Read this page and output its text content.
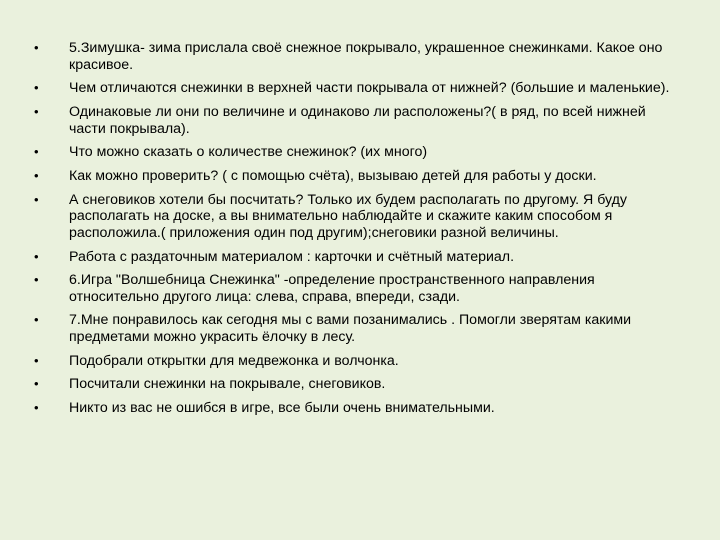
• 5.Зимушка- зима прислала своё снежное покрывало, украшенное снежинками. Какое оно красивое.
• Чем отличаются снежинки в верхней части покрывала от нижней? (большие и маленькие).
• Одинаковые ли они по величине и одинаково ли расположены?( в ряд, по всей нижней части покрывала).
• Что можно сказать о количестве снежинок? (их много)
• Как можно проверить? ( с помощью счёта), вызываю детей для работы у доски.
• А снеговиков хотели бы посчитать? Только их будем располагать по другому. Я буду располагать на доске, а вы внимательно наблюдайте и скажите каким способом я расположила.( приложения один под другим);снеговики разной величины.
• Работа с раздаточным материалом : карточки и счётный материал.
• 6.Игра "Волшебница Снежинка" -определение пространственного направления относительно другого лица: слева, справа, впереди, сзади.
• 7.Мне понравилось как сегодня мы с вами позанимались . Помогли зверятам какими предметами можно украсить ёлочку в лесу.
• Подобрали открытки для медвежонка и волчонка.
• Посчитали снежинки на покрывале, снеговиков.
• Никто из вас не ошибся в игре, все были очень внимательными.
